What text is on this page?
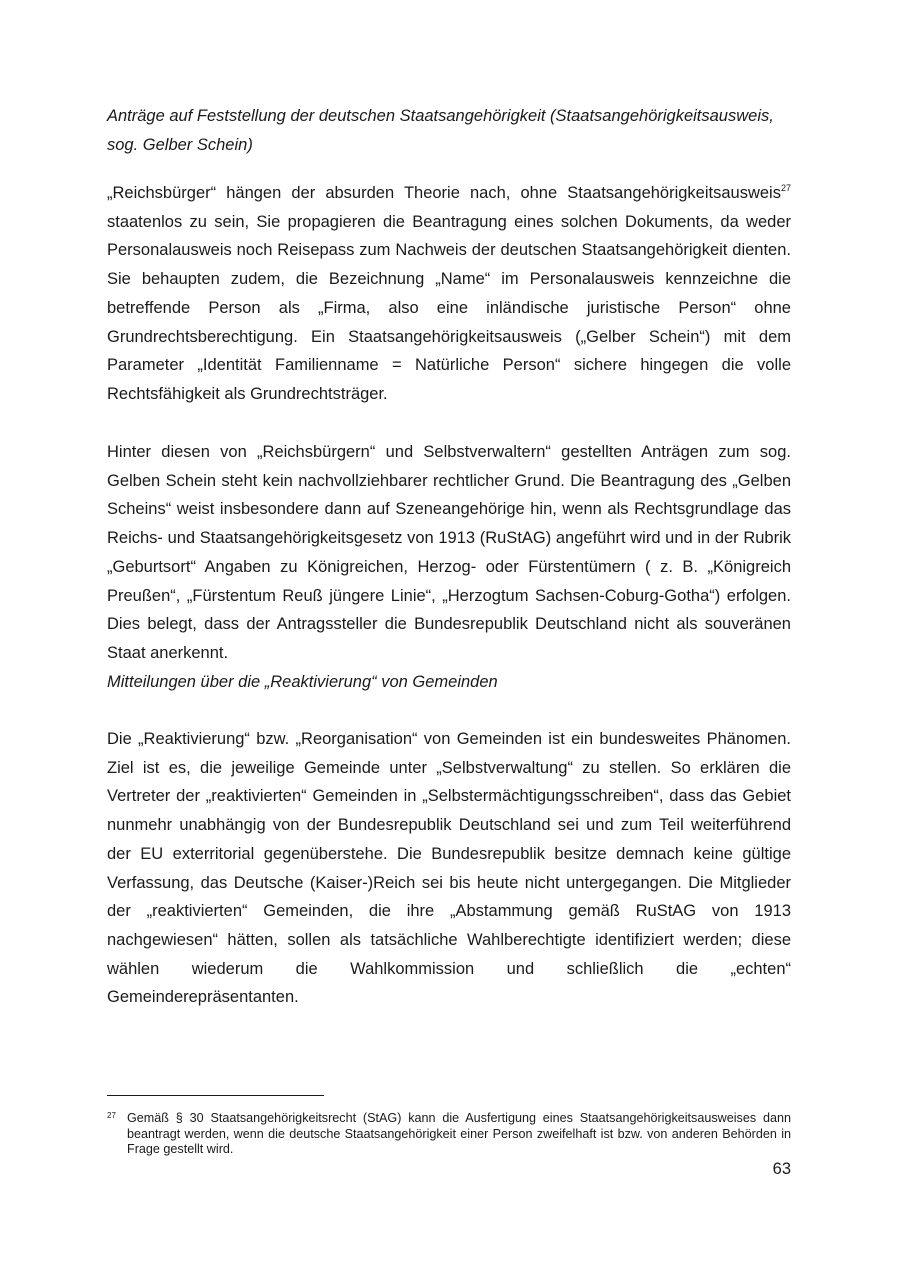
Anträge auf Feststellung der deutschen Staatsangehörigkeit (Staatsangehörigkeitsausweis, sog. Gelber Schein)

„Reichsbürger“ hängen der absurden Theorie nach, ohne Staatsangehörigkeitsausweis$^{27}$ staatenlos zu sein, Sie propagieren die Beantragung eines solchen Dokuments, da weder Personalausweis noch Reisepass zum Nachweis der deutschen Staatsangehörigkeit dienten. Sie behaupten zudem, die Bezeichnung „Name“ im Personalausweis kennzeichne die betreffende Person als „Firma, also eine inländische juristische Person“ ohne Grundrechtsberechtigung. Ein Staatsangehörigkeitsausweis („Gelber Schein“) mit dem Parameter „Identität Familienname = Natürliche Person“ sichere hingegen die volle Rechtsfähigkeit als Grundrechtsträger.

Hinter diesen von „Reichsbürgern“ und Selbstverwaltern“ gestellten Anträgen zum sog. Gelben Schein steht kein nachvollziehbarer rechtlicher Grund. Die Beantragung des „Gelben Scheins“ weist insbesondere dann auf Szeneangehörige hin, wenn als Rechtsgrundlage das Reichs- und Staatsangehörigkeitsgesetz von 1913 (RuStAG) angeführt wird und in der Rubrik „Geburtsort“ Angaben zu Königreichen, Herzog- oder Fürstentümern ( z. B. „Königreich Preußen“, „Fürstentum Reuß jüngere Linie“, „Herzogtum Sachsen-Coburg-Gotha“) erfolgen. Dies belegt, dass der Antragssteller die Bundesrepublik Deutschland nicht als souveränen Staat anerkennt.

Mitteilungen über die „Reaktivierung“ von Gemeinden

Die „Reaktivierung“ bzw. „Reorganisation“ von Gemeinden ist ein bundesweites Phänomen. Ziel ist es, die jeweilige Gemeinde unter „Selbstverwaltung“ zu stellen. So erklären die Vertreter der „reaktivierten“ Gemeinden in „Selbstermächtigungsschreiben“, dass das Gebiet nunmehr unabhängig von der Bundesrepublik Deutschland sei und zum Teil weiterführend der EU exterritorial gegenüberstehe. Die Bundesrepublik besitze demnach keine gültige Verfassung, das Deutsche (Kaiser-)Reich sei bis heute nicht untergegangen. Die Mitglieder der „reaktivierten“ Gemeinden, die ihre „Abstammung gemäß RuStAG von 1913 nachgewiesen“ hätten, sollen als tatsächliche Wahlberechtigte identifiziert werden; diese wählen wiederum die Wahlkommission und schließlich die „echten“ Gemeinderepräsentanten.

27 Gemäß § 30 Staatsangehörigkeitsrecht (StAG) kann die Ausfertigung eines Staatsangehörigkeitsausweises dann beantragt werden, wenn die deutsche Staatsangehörigkeit einer Person zweifelhaft ist bzw. von anderen Behörden in Frage gestellt wird.
63
